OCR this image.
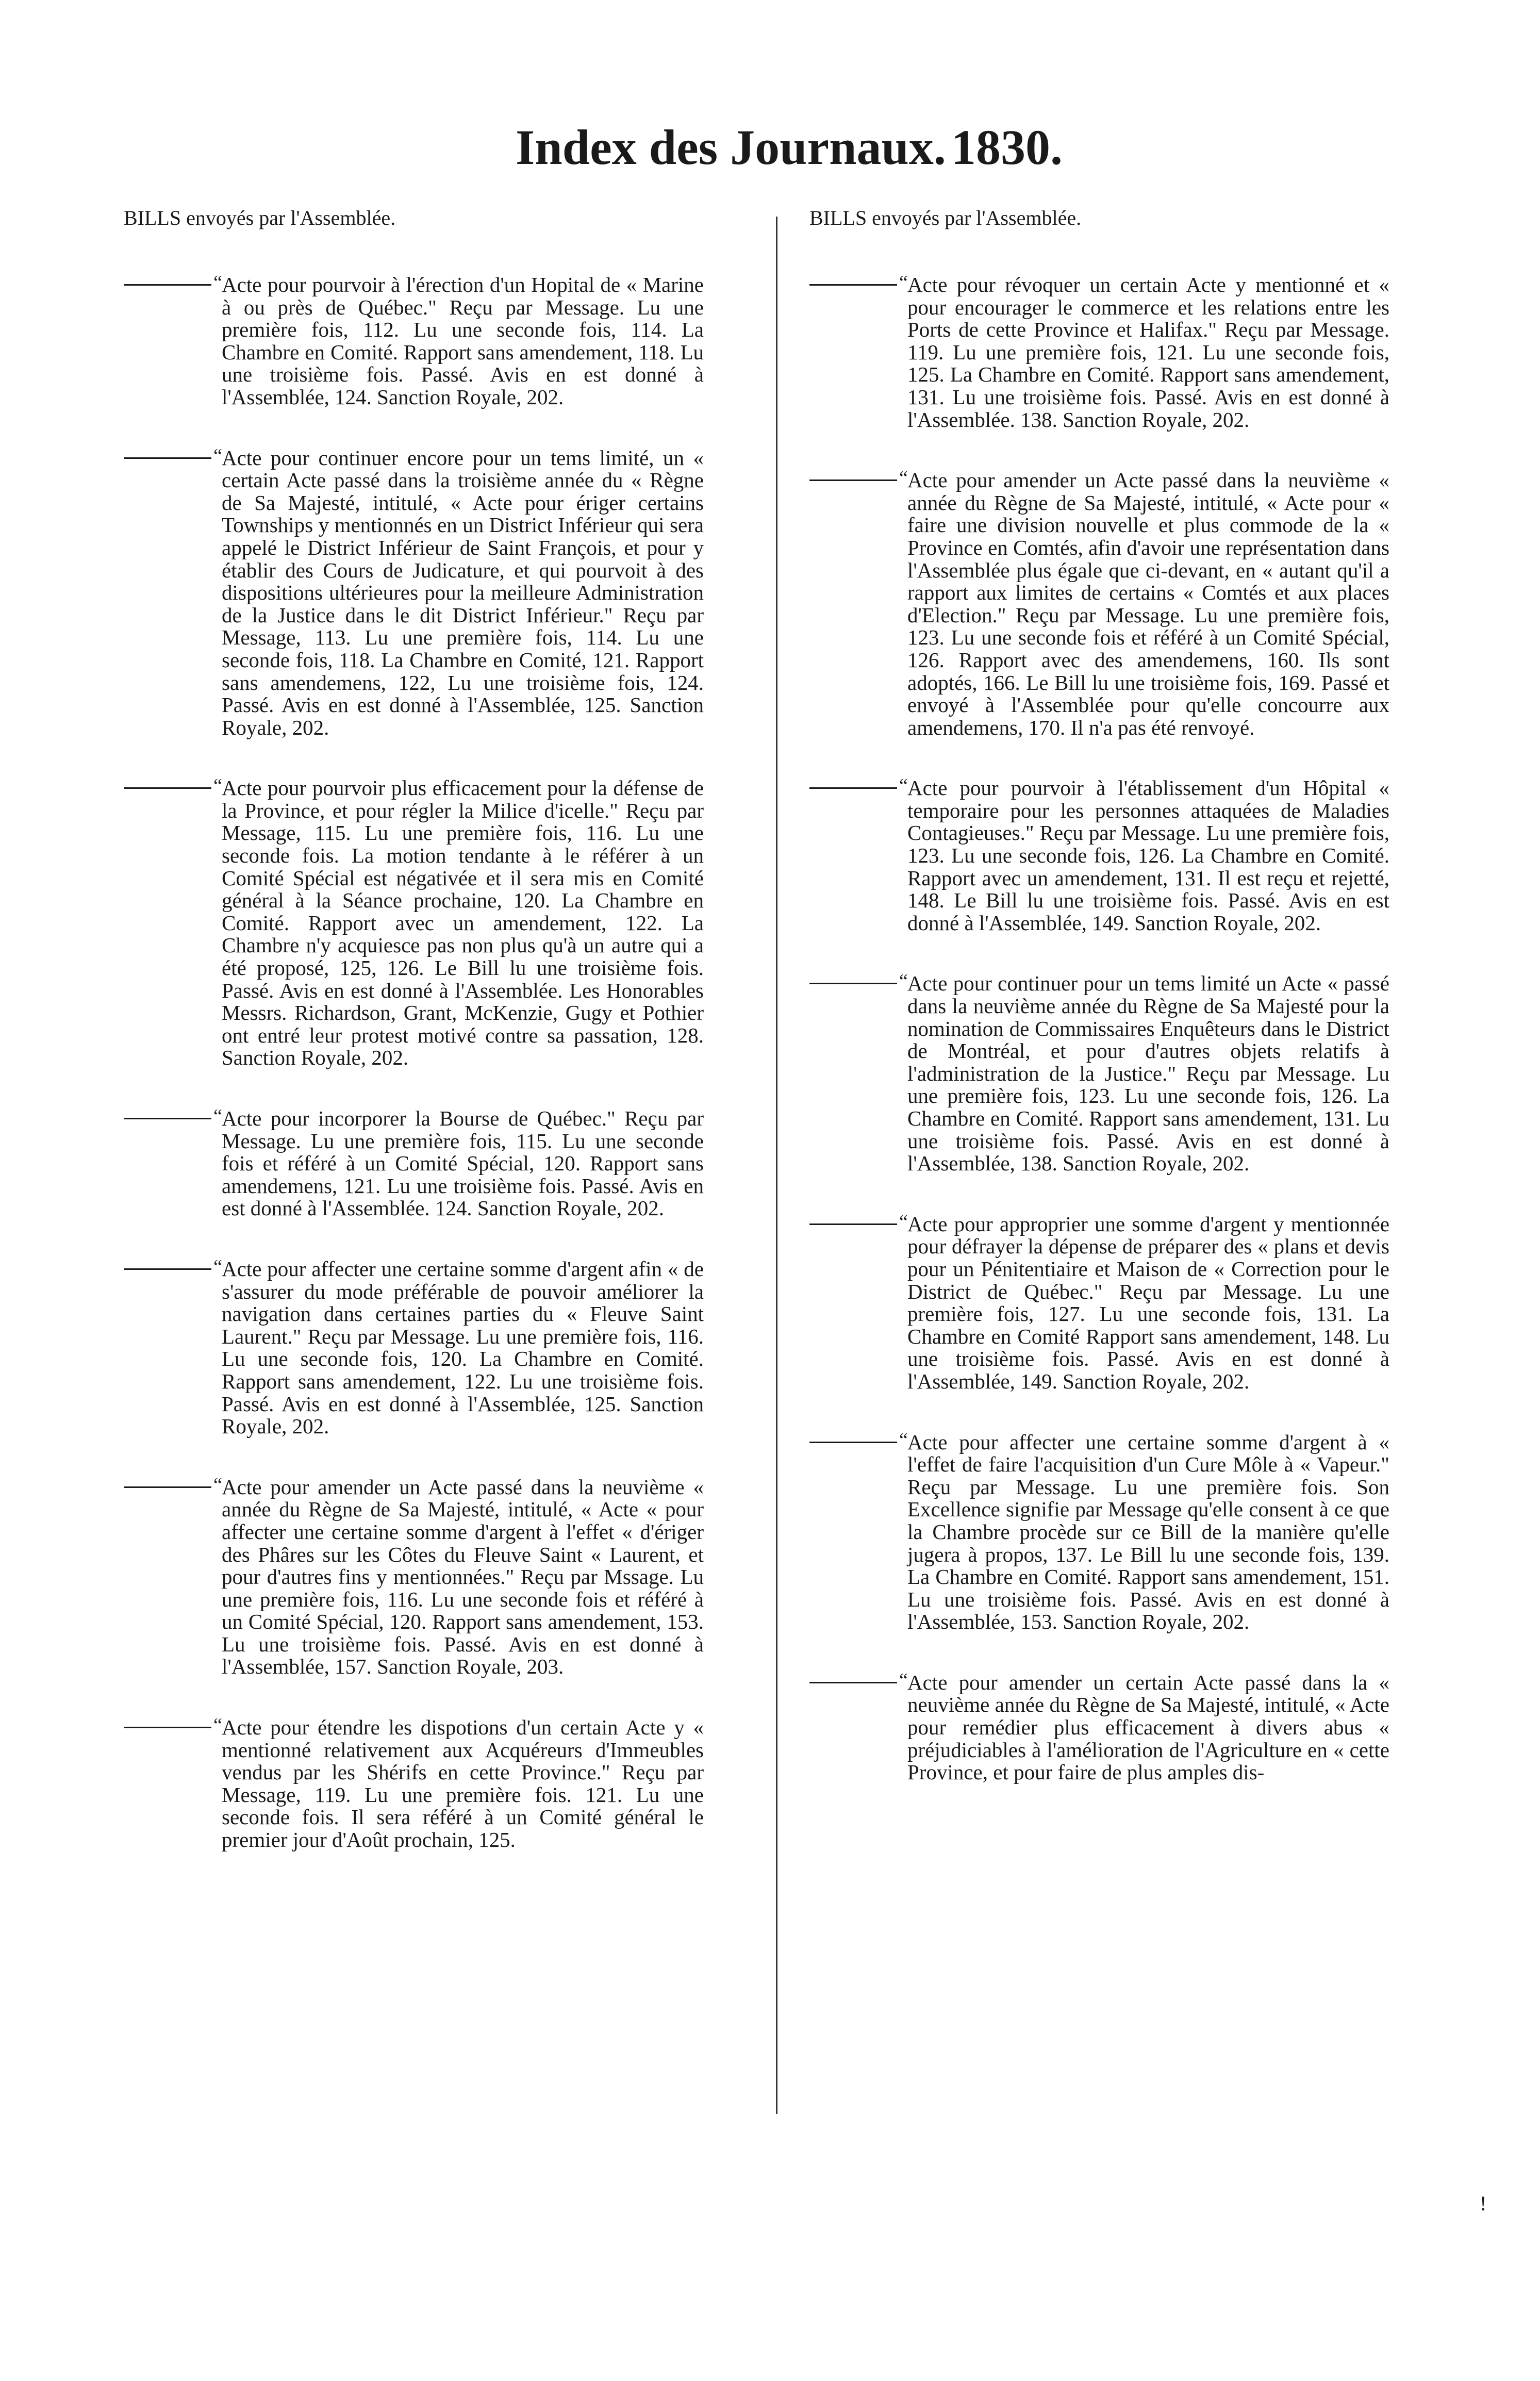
Index des Journaux. 1830.
BILLS envoyés par l'Assemblée.
“ Acte pour pourvoir à l'érection d'un Hopital de « Marine à ou près de Québec." Reçu par Message. Lu une première fois, 112. Lu une seconde fois, 114. La Chambre en Comité. Rapport sans amendement, 118. Lu une troisième fois. Passé. Avis en est donné à l'Assemblée, 124. Sanction Royale, 202.

“ Acte pour continuer encore pour un tems limité, un « certain Acte passé dans la troisième année du « Règne de Sa Majesté, intitulé, « Acte pour ériger certains Townships y mentionnés en un District Inférieur qui sera appelé le District Inférieur de Saint François, et pour y établir des Cours de Judicature, et qui pourvoit à des dispositions ultérieures pour la meilleure Administration de la Justice dans le dit District Inférieur." Reçu par Message, 113. Lu une première fois, 114. Lu une seconde fois, 118. La Chambre en Comité, 121. Rapport sans amendemens, 122, Lu une troisième fois, 124. Passé. Avis en est donné à l'Assemblée, 125. Sanction Royale, 202.

“ Acte pour pourvoir plus efficacement pour la défense de la Province, et pour régler la Milice d'icelle." Reçu par Message, 115. Lu une première fois, 116. Lu une seconde fois. La motion tendante à le référer à un Comité Spécial est négativée et il sera mis en Comité général à la Séance prochaine, 120. La Chambre en Comité. Rapport avec un amendement, 122. La Chambre n'y acquiesce pas non plus qu'à un autre qui a été proposé, 125, 126. Le Bill lu une troisième fois. Passé. Avis en est donné à l'Assemblée. Les Honorables Messrs. Richardson, Grant, McKenzie, Gugy et Pothier ont entré leur protest motivé contre sa passation, 128. Sanction Royale, 202.

“ Acte pour incorporer la Bourse de Québec." Reçu par Message. Lu une première fois, 115. Lu une seconde fois et référé à un Comité Spécial, 120. Rapport sans amendemens, 121. Lu une troisième fois. Passé. Avis en est donné à l'Assemblée. 124. Sanction Royale, 202.

“ Acte pour affecter une certaine somme d'argent afin « de s'assurer du mode préférable de pouvoir améliorer la navigation dans certaines parties du « Fleuve Saint Laurent." Reçu par Message. Lu une première fois, 116. Lu une seconde fois, 120. La Chambre en Comité. Rapport sans amendement, 122. Lu une troisième fois. Passé. Avis en est donné à l'Assemblée, 125. Sanction Royale, 202.

“ Acte pour amender un Acte passé dans la neuvième « année du Règne de Sa Majesté, intitulé, « Acte « pour affecter une certaine somme d'argent à l'effet « d'ériger des Phâres sur les Côtes du Fleuve Saint « Laurent, et pour d'autres fins y mentionnées." Reçu par Mssage. Lu une première fois, 116. Lu une seconde fois et référé à un Comité Spécial, 120. Rapport sans amendement, 153. Lu une troisième fois. Passé. Avis en est donné à l'Assemblée, 157. Sanction Royale, 203.

“ Acte pour étendre les dispotions d'un certain Acte y « mentionné relativement aux Acquéreurs d'Immeubles vendus par les Shérifs en cette Province." Reçu par Message, 119. Lu une première fois. 121. Lu une seconde fois. Il sera référé à un Comité général le premier jour d'Août prochain, 125.

BILLS envoyés par l'Assemblée.
“ Acte pour révoquer un certain Acte y mentionné et « pour encourager le commerce et les relations entre les Ports de cette Province et Halifax." Reçu par Message. 119. Lu une première fois, 121. Lu une seconde fois, 125. La Chambre en Comité. Rapport sans amendement, 131. Lu une troisième fois. Passé. Avis en est donné à l'Assemblée. 138. Sanction Royale, 202.

“ Acte pour amender un Acte passé dans la neuvième « année du Règne de Sa Majesté, intitulé, « Acte pour « faire une division nouvelle et plus commode de la « Province en Comtés, afin d'avoir une représentation dans l'Assemblée plus égale que ci-devant, en « autant qu'il a rapport aux limites de certains « Comtés et aux places d'Election." Reçu par Message. Lu une première fois, 123. Lu une seconde fois et référé à un Comité Spécial, 126. Rapport avec des amendemens, 160. Ils sont adoptés, 166. Le Bill lu une troisième fois, 169. Passé et envoyé à l'Assemblée pour qu'elle concourre aux amendemens, 170. Il n'a pas été renvoyé.

“ Acte pour pourvoir à l'établissement d'un Hôpital « temporaire pour les personnes attaquées de Maladies Contagieuses." Reçu par Message. Lu une première fois, 123. Lu une seconde fois, 126. La Chambre en Comité. Rapport avec un amendement, 131. Il est reçu et rejetté, 148. Le Bill lu une troisième fois. Passé. Avis en est donné à l'Assemblée, 149. Sanction Royale, 202.

“ Acte pour continuer pour un tems limité un Acte « passé dans la neuvième année du Règne de Sa Majesté pour la nomination de Commissaires Enquêteurs dans le District de Montréal, et pour d'autres objets relatifs à l'administration de la Justice." Reçu par Message. Lu une première fois, 123. Lu une seconde fois, 126. La Chambre en Comité. Rapport sans amendement, 131. Lu une troisième fois. Passé. Avis en est donné à l'Assemblée, 138. Sanction Royale, 202.

“ Acte pour approprier une somme d'argent y mentionnée pour défrayer la dépense de préparer des « plans et devis pour un Pénitentiaire et Maison de « Correction pour le District de Québec." Reçu par Message. Lu une première fois, 127. Lu une seconde fois, 131. La Chambre en Comité Rapport sans amendement, 148. Lu une troisième fois. Passé. Avis en est donné à l'Assemblée, 149. Sanction Royale, 202.

“ Acte pour affecter une certaine somme d'argent à « l'effet de faire l'acquisition d'un Cure Môle à « Vapeur." Reçu par Message. Lu une première fois. Son Excellence signifie par Message qu'elle consent à ce que la Chambre procède sur ce Bill de la manière qu'elle jugera à propos, 137. Le Bill lu une seconde fois, 139. La Chambre en Comité. Rapport sans amendement, 151. Lu une troisième fois. Passé. Avis en est donné à l'Assemblée, 153. Sanction Royale, 202.

“ Acte pour amender un certain Acte passé dans la « neuvième année du Règne de Sa Majesté, intitulé, « Acte pour remédier plus efficacement à divers abus « préjudiciables à l'amélioration de l'Agriculture en « cette Province, et pour faire de plus amples dis-

!
